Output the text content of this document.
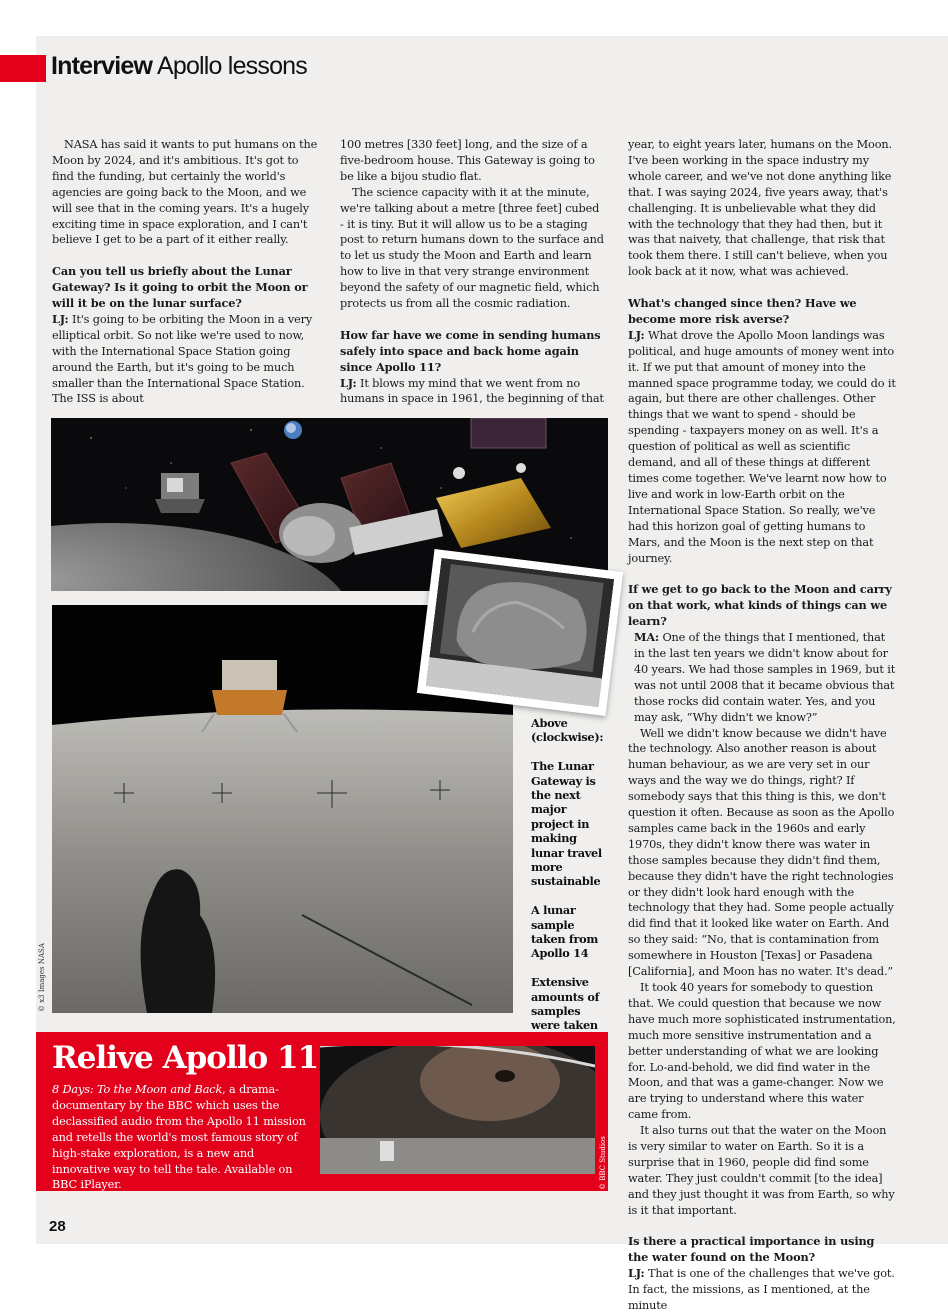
Interview Apollo lessons

NASA has said it wants to put humans on the Moon by 2024, and it's ambitious. It's got to find the funding, but certainly the world's agencies are going back to the Moon, and we will see that in the coming years. It's a hugely exciting time in space exploration, and I can't believe I get to be a part of it either really.

Can you tell us briefly about the Lunar Gateway? Is it going to orbit the Moon or will it be on the lunar surface?

LJ: It's going to be orbiting the Moon in a very elliptical orbit. So not like we're used to now, with the International Space Station going around the Earth, but it's going to be much smaller than the International Space Station. The ISS is about

100 metres [330 feet] long, and the size of a five-bedroom house. This Gateway is going to be like a bijou studio flat.

The science capacity with it at the minute, we're talking about a metre [three feet] cubed - it is tiny. But it will allow us to be a staging post to return humans down to the surface and to let us study the Moon and Earth and learn how to live in that very strange environment beyond the safety of our magnetic field, which protects us from all the cosmic radiation.

How far have we come in sending humans safely into space and back home again since Apollo 11?

LJ: It blows my mind that we went from no humans in space in 1961, the beginning of that

year, to eight years later, humans on the Moon. I've been working in the space industry my whole career, and we've not done anything like that. I was saying 2024, five years away, that's challenging. It is unbelievable what they did with the technology that they had then, but it was that naivety, that challenge, that risk that took them there. I still can't believe, when you look back at it now, what was achieved.

What's changed since then? Have we become more risk averse?

LJ: What drove the Apollo Moon landings was political, and huge amounts of money went into it. If we put that amount of money into the manned space programme today, we could do it again, but there are other challenges. Other things that we want to spend - should be spending - taxpayers money on as well. It's a question of political as well as scientific demand, and all of these things at different times come together. We've learnt now how to live and work in low-Earth orbit on the International Space Station. So really, we've had this horizon goal of getting humans to Mars, and the Moon is the next step on that journey.

If we get to go back to the Moon and carry on that work, what kinds of things can we learn?

MA: One of the things that I mentioned, that in the last ten years we didn't know about for 40 years. We had those samples in 1969, but it was not until 2008 that it became obvious that those rocks did contain water. Yes, and you may ask, “Why didn't we know?”

Well we didn't know because we didn't have the technology. Also another reason is about human behaviour, as we are very set in our ways and the way we do things, right? If somebody says that this thing is this, we don't question it often. Because as soon as the Apollo samples came back in the 1960s and early 1970s, they didn't know there was water in those samples because they didn't find them, because they didn't have the right technologies or they didn't look hard enough with the technology that they had. Some people actually did find that it looked like water on Earth. And so they said: “No, that is contamination from somewhere in Houston [Texas] or Pasadena [California], and Moon has no water. It's dead.”

It took 40 years for somebody to question that. We could question that because we now have much more sophisticated instrumentation, much more sensitive instrumentation and a better understanding of what we are looking for. Lo-and-behold, we did find water in the Moon, and that was a game-changer. Now we are trying to understand where this water came from.

It also turns out that the water on the Moon is very similar to water on Earth. So it is a surprise that in 1960, people did find some water. They just couldn't commit [to the idea] and they just thought it was from Earth, so why is it that important.

Is there a practical importance in using the water found on the Moon?

LJ: That is one of the challenges that we've got. In fact, the missions, as I mentioned, at the minute

Above (clockwise):

The Lunar Gateway is the next major project in making lunar travel more sustainable

A lunar sample taken from Apollo 14

Extensive amounts of samples were taken

© x3 Images NASA
Relive Apollo 11
8 Days: To the Moon and Back, a drama-documentary by the BBC which uses the declassified audio from the Apollo 11 mission and retells the world's most famous story of high-stake exploration, is a new and innovative way to tell the tale. Available on BBC iPlayer.	© BBC Studios
28
